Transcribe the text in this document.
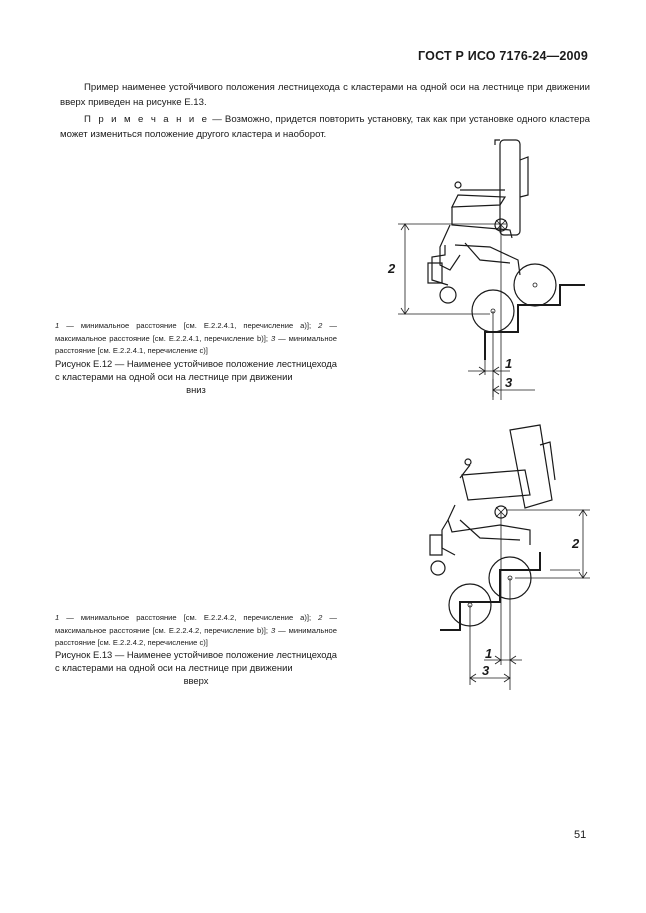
ГОСТ Р ИСО 7176-24—2009
Пример наименее устойчивого положения лестницехода с кластерами на одной оси на лестнице при движении вверх приведен на рисунке Е.13.
П р и м е ч а н и е — Возможно, придется повторить установку, так как при установке одного кластера может измениться положение другого кластера и наоборот.
2
1
3
1 — минимальное расстояние [см. Е.2.2.4.1, перечисление а)]; 2 — максимальное расстояние [см. Е.2.2.4.1, перечисление b)]; 3 — минимальное расстояние [см. Е.2.2.4.1, перечисление с)]
Рисунок Е.12 — Наименее устойчивое положение лестницехода с кластерами на одной оси на лестнице при движении
вниз
2
1
3
1 — минимальное расстояние [см. Е.2.2.4.2, перечисление а)]; 2 — максимальное расстояние [см. Е.2.2.4.2, перечисление b)]; 3 — минимальное расстояние [см. Е.2.2.4.2, перечисление с)]
Рисунок Е.13 — Наименее устойчивое положение лестницехода с кластерами на одной оси на лестнице при движении
вверх
51
